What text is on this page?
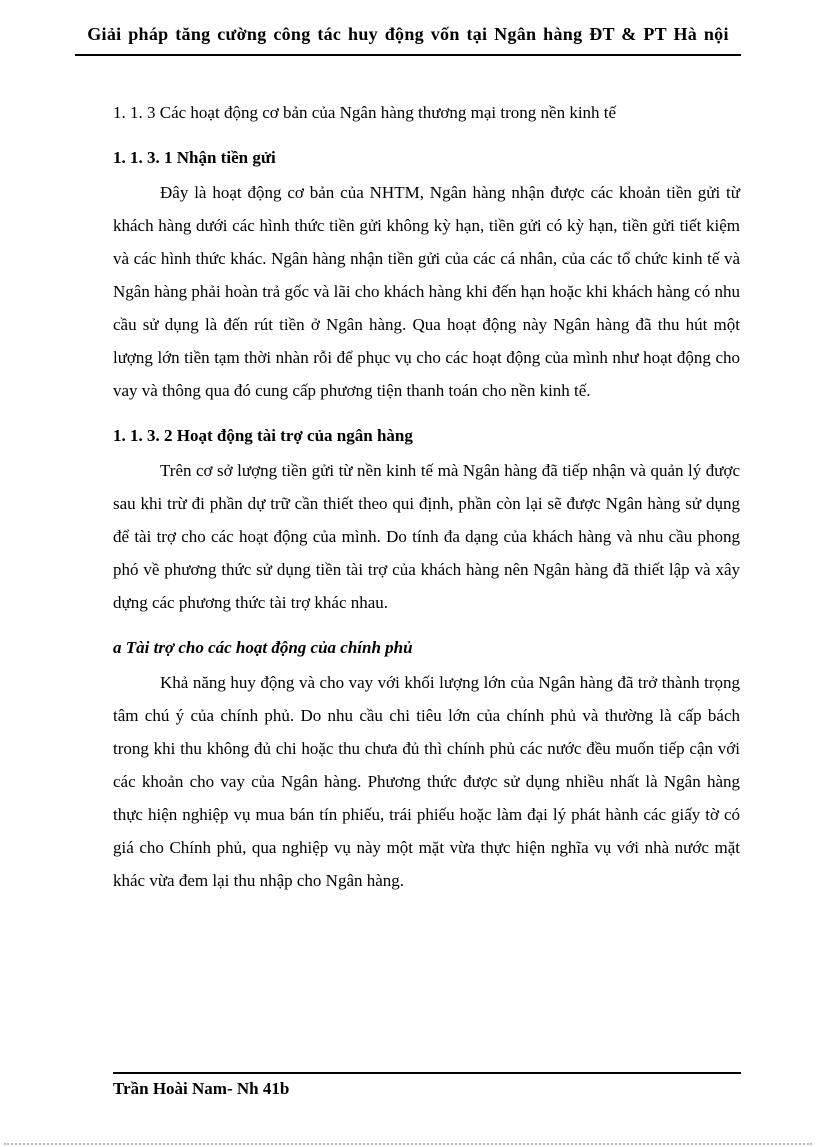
Giải pháp tăng cường công tác huy động vốn tại Ngân hàng ĐT & PT Hà nội

1. 1. 3 Các hoạt động cơ bản của Ngân hàng thương mại trong nền kinh tế

1. 1. 3. 1 Nhận tiền gửi

Đây là hoạt động cơ bản của NHTM, Ngân hàng nhận được các khoản tiền gửi từ khách hàng dưới các hình thức tiền gửi không kỳ hạn, tiền gửi có kỳ hạn, tiền gửi tiết kiệm và các hình thức khác. Ngân hàng nhận tiền gửi của các cá nhân, của các tổ chức kinh tế và Ngân hàng phải hoàn trả gốc và lãi cho khách hàng khi đến hạn hoặc khi khách hàng có nhu cầu sử dụng là đến rút tiền ở Ngân hàng. Qua hoạt động này Ngân hàng đã thu hút một lượng lớn tiền tạm thời nhàn rỗi để phục vụ cho các hoạt động của mình như hoạt động cho vay và thông qua đó cung cấp phương tiện thanh toán cho nền kinh tế.

1. 1. 3. 2 Hoạt động tài trợ của ngân hàng

Trên cơ sở lượng tiền gửi từ nền kinh tế mà Ngân hàng đã tiếp nhận và quản lý được sau khi trừ đi phần dự trữ cần thiết theo qui định, phần còn lại sẽ được Ngân hàng sử dụng để tài trợ cho các hoạt động của mình. Do tính đa dạng của khách hàng và nhu cầu phong phó về phương thức sử dụng tiền tài trợ của khách hàng nên Ngân hàng đã thiết lập và xây dựng các phương thức tài trợ khác nhau.

a Tài trợ cho các hoạt động của chính phủ

Khả năng huy động và cho vay với khối lượng lớn của Ngân hàng đã trở thành trọng tâm chú ý của chính phủ. Do nhu cầu chi tiêu lớn của chính phủ và thường là cấp bách trong khi thu không đủ chi hoặc thu chưa đủ thì chính phủ các nước đều muốn tiếp cận với các khoản cho vay của Ngân hàng. Phương thức được sử dụng nhiều nhất là Ngân hàng thực hiện nghiệp vụ mua bán tín phiếu, trái phiếu hoặc làm đại lý phát hành các giấy tờ có giá cho Chính phủ, qua nghiệp vụ này một mặt vừa thực hiện nghĩa vụ với nhà nước mặt khác vừa đem lại thu nhập cho Ngân hàng.

Trần Hoài Nam- Nh 41b
